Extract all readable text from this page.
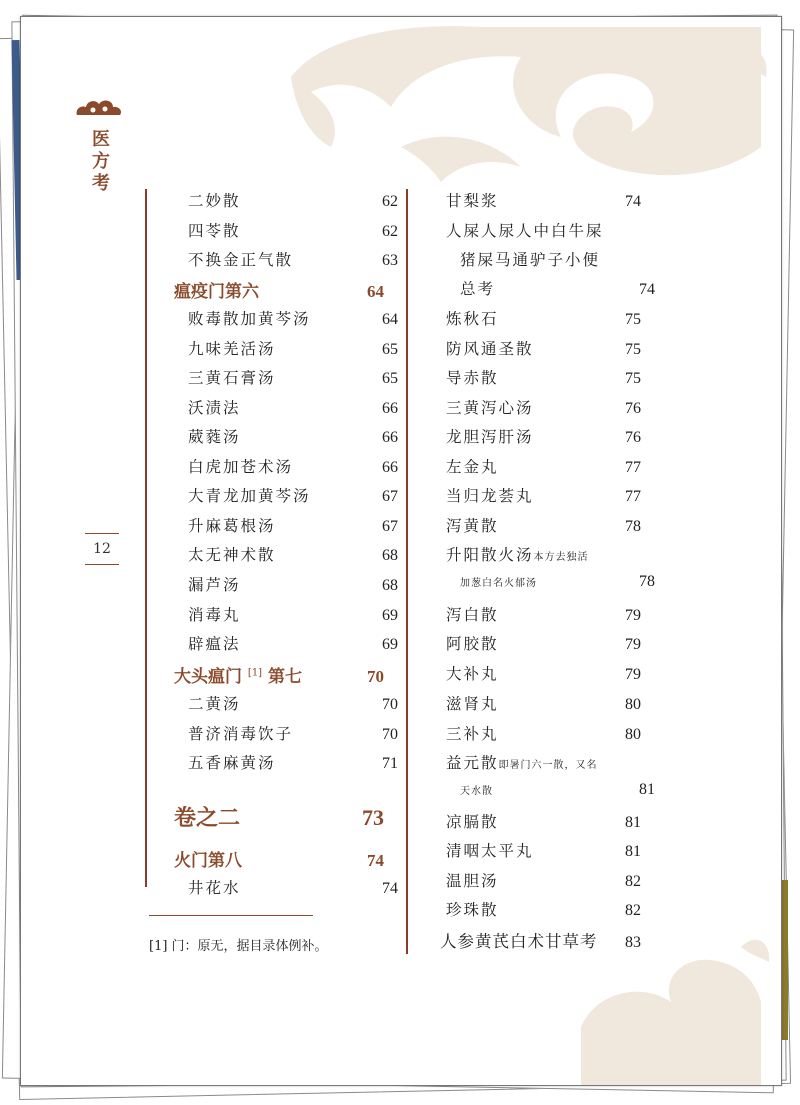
医
方
考
12
二妙散	62
四苓散	62
不换金正气散	63
瘟疫门第六	64
败毒散加黄芩汤	64
九味羌活汤	65
三黄石膏汤	65
沃渍法	66
葳蕤汤	66
白虎加苍术汤	66
大青龙加黄芩汤	67
升麻葛根汤	67
太无神术散	68
漏芦汤	68
消毒丸	69
辟瘟法	69
大头瘟门 [1] 第七	70
二黄汤	70
普济消毒饮子	70
五香麻黄汤	71
卷之二	73
火门第八	74
井花水	74
[1] 门：原无，据目录体例补。
甘梨浆	74
人屎人尿人中白牛屎
猪屎马通驴子小便
总考	74
炼秋石	75
防风通圣散	75
导赤散	75
三黄泻心汤	76
龙胆泻肝汤	76
左金丸	77
当归龙荟丸	77
泻黄散	78
升阳散火汤本方去独活
加葱白名火郁汤	78
泻白散	79
阿胶散	79
大补丸	79
滋肾丸	80
三补丸	80
益元散即暑门六一散，又名
天水散	81
凉膈散	81
清咽太平丸	81
温胆汤	82
珍珠散	82
人参黄芪白术甘草考 83
